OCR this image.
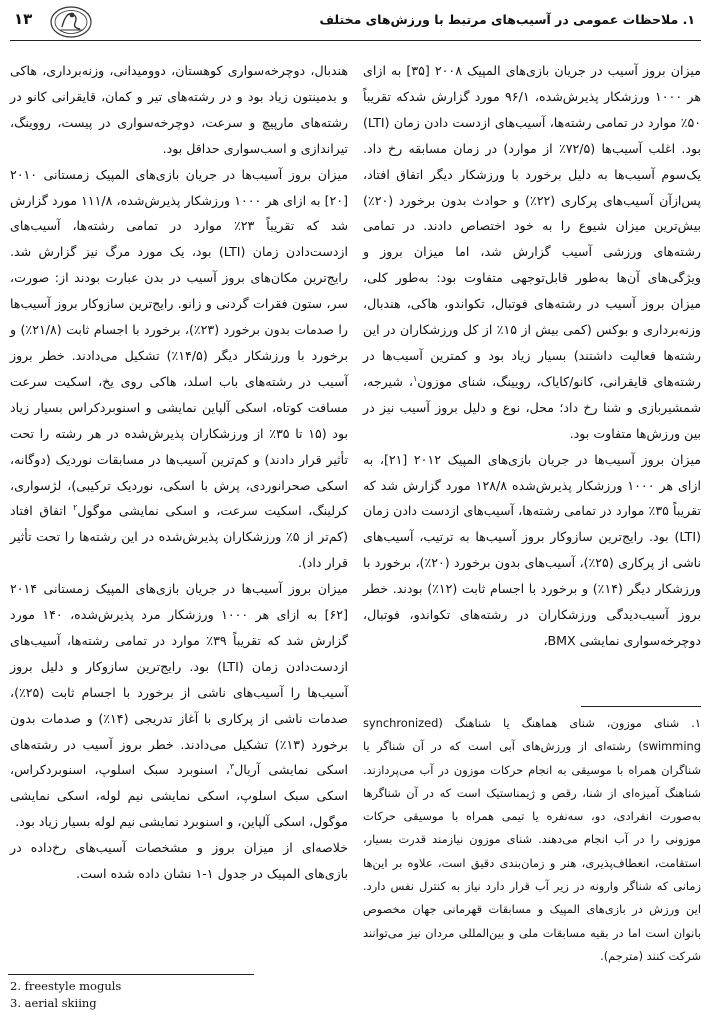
۱۳	۱. ملاحظات عمومی در آسیب‌های مرتبط با ورزش‌های مختلف

میزان بروز آسیب در جریان بازی‌های المپیک ۲۰۰۸ [۳۵] به ازای هر ۱۰۰۰ ورزشکار پذیرش‌شده، ۹۶/۱ مورد گزارش شدکه تقریباً ۵۰٪ موارد در تمامی رشته‌ها، آسیب‌های ازدست دادن زمان (LTI) بود. اغلب آسیب‌ها (۷۲/۵٪ از موارد) در زمان مسابقه رخ داد. یک‌سوم آسیب‌ها به دلیل برخورد با ورزشکار دیگر اتفاق افتاد، پس‌ازآن آسیب‌های پرکاری (۲۲٪) و حوادث بدون برخورد (۲۰٪) بیش‌ترین میزان شیوع را به خود اختصاص دادند. در تمامی رشته‌های ورزشی آسیب گزارش شد، اما میزان بروز و ویژگی‌های آن‌ها به‌طور قابل‌توجهی متفاوت بود: به‌طور کلی، میزان بروز آسیب در رشته‌های فوتبال، تکواندو، هاکی، هندبال، وزنه‌برداری و بوکس (کمی بیش از ۱۵٪ از کل ورزشکاران در این رشته‌ها فعالیت داشتند) بسیار زیاد بود و کمترین آسیب‌ها در رشته‌های قایقرانی، کانو/کایاک، رویینگ، شنای موزون$^۱$، شیرجه، شمشیربازی و شنا رخ داد؛ محل، نوع و دلیل بروز آسیب نیز در بین ورزش‌ها متفاوت بود.

میزان بروز آسیب‌ها در جریان بازی‌های المپیک ۲۰۱۲ [۲۱]، به ازای هر ۱۰۰۰ ورزشکار پذیرش‌شده ۱۲۸/۸ مورد گزارش شد که تقریباً ۳۵٪ موارد در تمامی رشته‌ها، آسیب‌های ازدست دادن زمان (LTI) بود. رایج‌ترین سازوکار بروز آسیب‌ها به ترتیب، آسیب‌های ناشی از پرکاری (۲۵٪)، آسیب‌های بدون برخورد (۲۰٪)، برخورد با ورزشکار دیگر (۱۴٪) و برخورد با اجسام ثابت (۱۲٪) بودند. خطر بروز آسیب‌دیدگی ورزشکاران در رشته‌های تکواندو، فوتبال، دوچرخه‌سواری نمایشی BMX،

۱. شنای موزون، شنای هماهنگ یا شناهنگ (synchronized swimming) رشته‌ای از ورزش‌های آبی است که در آن شناگر یا شناگران همراه با موسیقی به انجام حرکات موزون در آب می‌پردازند. شناهنگ آمیزه‌ای از شنا، رقص و ژیمناستیک است که در آن شناگرها به‌صورت انفرادی، دو، سه‌نفره یا تیمی همراه با موسیقی حرکات موزونی را در آب انجام می‌دهند. شنای موزون نیازمند قدرت بسیار، استقامت، انعطاف‌پذیری، هنر و زمان‌بندی دقیق است، علاوه بر این‌ها زمانی که شناگر وارونه در زیر آب قرار دارد نیاز به کنترل نفس دارد. این ورزش در بازی‌های المپیک و مسابقات قهرمانی جهان مخصوص بانوان است اما در بقیه مسابقات ملی و بین‌المللی مردان نیز می‌توانند شرکت کنند (مترجم).

هندبال، دوچرخه‌سواری کوهستان، دوومیدانی، وزنه‌برداری، هاکی و بدمینتون زیاد بود و در رشته‌های تیر و کمان، قایقرانی کانو در رشته‌های مارپیچ و سرعت، دوچرخه‌سواری در پیست، رووینگ، تیراندازی و اسب‌سواری حداقل بود.

میزان بروز آسیب‌ها در جریان بازی‌های المپیک زمستانی ۲۰۱۰ [۲۰] به ازای هر ۱۰۰۰ ورزشکار پذیرش‌شده، ۱۱۱/۸ مورد گزارش شد که تقریباً ۲۳٪ موارد در تمامی رشته‌ها، آسیب‌های ازدست‌دادن زمان (LTI) بود، یک مورد مرگ نیز گزارش شد. رایج‌ترین مکان‌های بروز آسیب در بدن عبارت بودند از: صورت، سر، ستون فقرات گردنی و زانو. رایج‌ترین سازوکار بروز آسیب‌ها را صدمات بدون برخورد (۲۳٪)، برخورد با اجسام ثابت (۲۱/۸٪) و برخورد با ورزشکار دیگر (۱۴/۵٪) تشکیل می‌دادند. خطر بروز آسیب در رشته‌های باب اسلد، هاکی روی یخ، اسکیت سرعت مسافت کوتاه، اسکی آلپاین نمایشی و اسنوبردکراس بسیار زیاد بود (۱۵ تا ۳۵٪ از ورزشکاران پذیرش‌شده در هر رشته را تحت تأثیر قرار دادند) و کم‌ترین آسیب‌ها در مسابقات نوردیک (دوگانه، اسکی صحرانوردی، پرش با اسکی، نوردیک ترکیبی)، لژسواری، کرلینگ، اسکیت سرعت، و اسکی نمایشی موگول$^۲$ اتفاق افتاد (کم‌تر از ۵٪ ورزشکاران پذیرش‌شده در این رشته‌ها را تحت تأثیر قرار داد).

میزان بروز آسیب‌ها در جریان بازی‌های المپیک زمستانی ۲۰۱۴ [۶۲] به ازای هر ۱۰۰۰ ورزشکار مرد پذیرش‌شده، ۱۴۰ مورد گزارش شد که تقریباً ۳۹٪ موارد در تمامی رشته‌ها، آسیب‌های ازدست‌دادن زمان (LTI) بود. رایج‌ترین سازوکار و دلیل بروز آسیب‌ها را آسیب‌های ناشی از برخورد با اجسام ثابت (۲۵٪)، صدمات ناشی از پرکاری با آغاز تدریجی (۱۴٪) و صدمات بدون برخورد (۱۳٪) تشکیل می‌دادند. خطر بروز آسیب در رشته‌های اسکی نمایشی آریال$^۳$، اسنوبرد سبک اسلوپ، اسنوبردکراس، اسکی سبک اسلوپ، اسکی نمایشی نیم لوله، اسکی نمایشی موگول، اسکی آلپاین، و اسنوبرد نمایشی نیم لوله بسیار زیاد بود.

خلاصه‌ای از میزان بروز و مشخصات آسیب‌های رخ‌داده در بازی‌های المپیک در جدول ۱-۱ نشان داده شده است.

2. freestyle moguls
3. aerial skiing
